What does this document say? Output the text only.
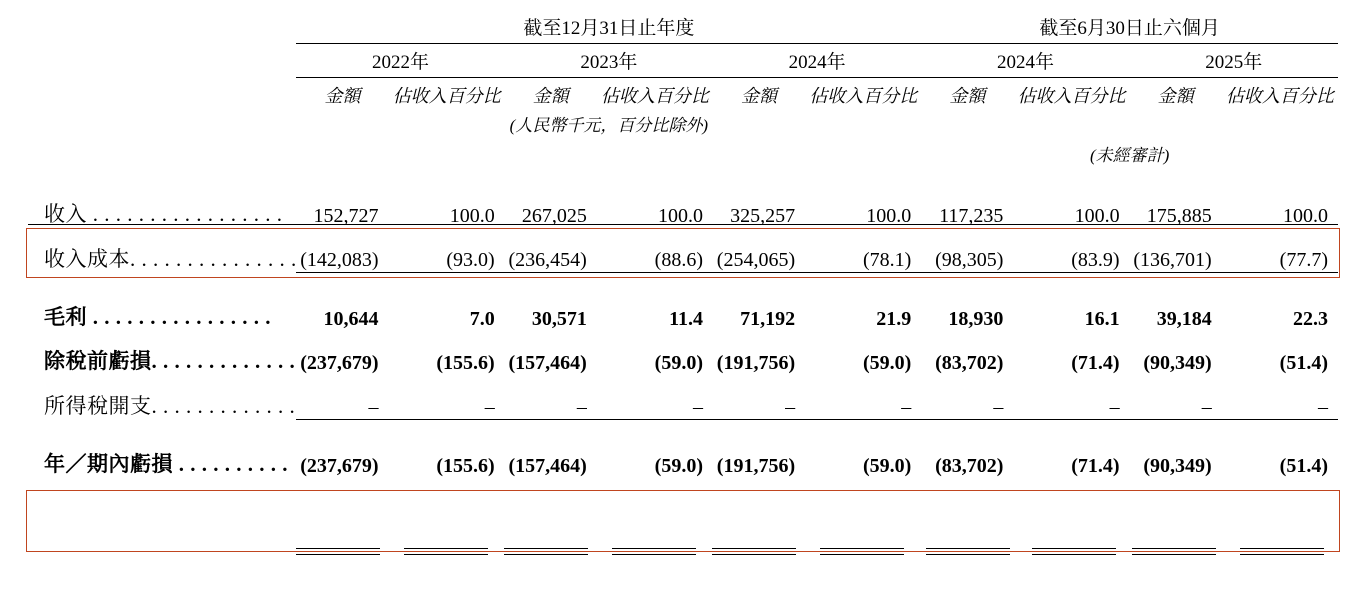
	截至12月31日止年度						截至6月30日止六個月			
	2022年		2023年		2024年		2024年		2025年	
	金額	佔收入百分比	金額	佔收入百分比	金額	佔收入百分比	金額	佔收入百分比	金額	佔收入百分比
	(人民幣千元，百分比除外)									
							(未經審計)			

收入 . . . . . . . . . . . . . . . . .	152,727	100.0	267,025	100.0	325,257	100.0	117,235	100.0	175,885	100.0
收入成本. . . . . . . . . . . . . . .	(142,083)	(93.0)	(236,454)	(88.6)	(254,065)	(78.1)	(98,305)	(83.9)	(136,701)	(77.7)

毛利 . . . . . . . . . . . . . . . .	10,644	7.0	30,571	11.4	71,192	21.9	18,930	16.1	39,184	22.3
除稅前虧損. . . . . . . . . . . . .	(237,679)	(155.6)	(157,464)	(59.0)	(191,756)	(59.0)	(83,702)	(71.4)	(90,349)	(51.4)
所得稅開支. . . . . . . . . . . . .	–	–	–	–	–	–	–	–	–	–

年／期內虧損 . . . . . . . . . .	(237,679)	(155.6)	(157,464)	(59.0)	(191,756)	(59.0)	(83,702)	(71.4)	(90,349)	(51.4)
